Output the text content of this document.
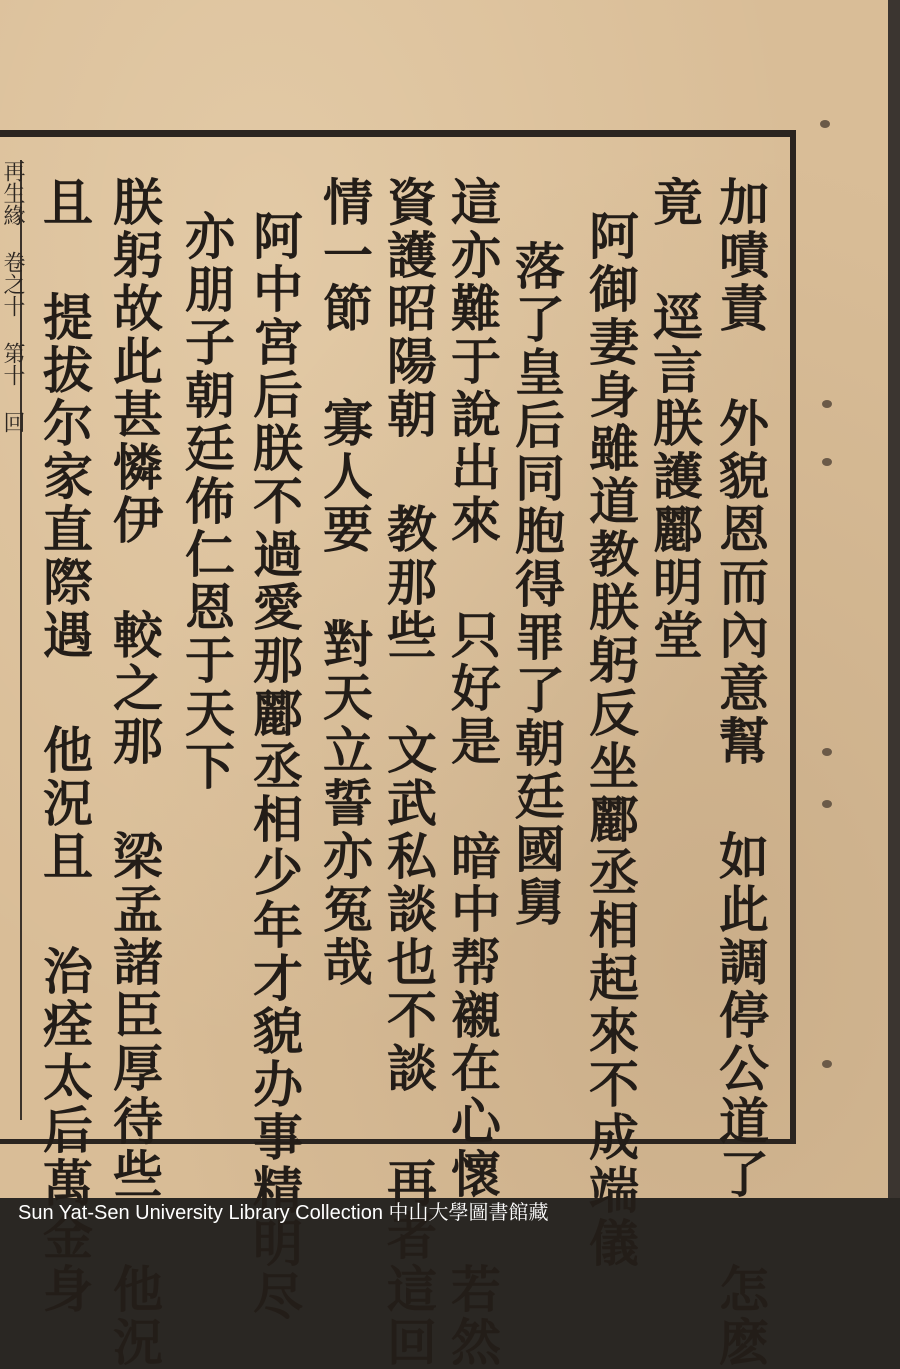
再生緣 卷之十 第十 回	加嘖責 外貌恩而內意幫 如此調停公道了 怎麽
竟 逕言朕護酈明堂
阿御妻身雖道教朕躬反坐酈丞相起來不成端儀
落了皇后同胞得罪了朝廷國舅
這亦難于說出來 只好是 暗中帮襯在心懷 若然
資護昭陽朝 教那些 文武私談也不談 再者這回
情一節 寡人要 對天立誓亦冤哉
阿中宮后朕不過愛那酈丞相少年才貌办事精明尽
亦朋子朝廷佈仁恩于天下
朕躬故此甚憐伊 較之那 梁孟諸臣厚待些 他況
且 提拔尔家直際遇 他況且 治痊太后萬金身
Sun Yat-Sen University Library Collection 中山大學圖書館藏
